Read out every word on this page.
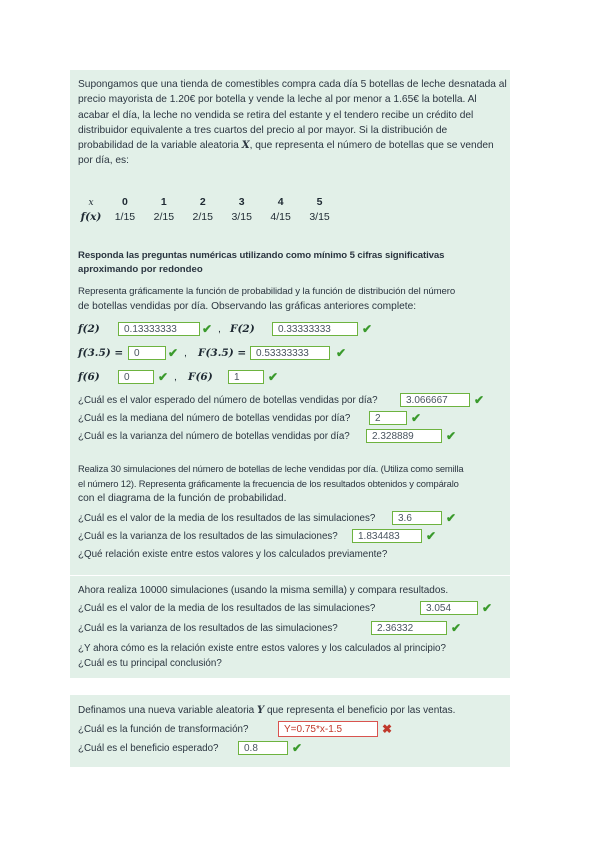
Supongamos que una tienda de comestibles compra cada día 5 botellas de leche desnatada al
precio mayorista de 1.20€ por botella y vende la leche al por menor a 1.65€ la botella. Al
acabar el día, la leche no vendida se retira del estante y el tendero recibe un crédito del
distribuidor equivalente a tres cuartos del precio al por mayor. Si la distribución de
probabilidad de la variable aleatoria X, que representa el número de botellas que se venden
por día, es:
x	0	1	2	3	4	5
f(x) 1/15 2/15 2/15 3/15 4/15 3/15
Responda las preguntas numéricas utilizando como mínimo 5 cifras significativas
aproximando por redondeo
Representa gráficamente la función de probabilidad y la función de distribución del número
de botellas vendidas por día. Observando las gráficas anteriores complete:
f(2)	0.13333333	✔ , F(2)	0.33333333	✔
f(3.5) =	0	✔ , F(3.5) = 0.53333333	✔
f(6)	0	✔ , F(6)	1	✔
¿Cuál es el valor esperado del número de botellas vendidas por día?	3.066667	✔
¿Cuál es la mediana del número de botellas vendidas por día?	2	✔
¿Cuál es la varianza del número de botellas vendidas por día?	2.328889	✔
Realiza 30 simulaciones del número de botellas de leche vendidas por día. (Utiliza como semilla
el número 12). Representa gráficamente la frecuencia de los resultados obtenidos y compáralo
con el diagrama de la función de probabilidad.
¿Cuál es el valor de la media de los resultados de las simulaciones?	3.6	✔
¿Cuál es la varianza de los resultados de las simulaciones?	1.834483	✔
¿Qué relación existe entre estos valores y los calculados previamente?
Ahora realiza 10000 simulaciones (usando la misma semilla) y compara resultados.
¿Cuál es el valor de la media de los resultados de las simulaciones?	3.054	✔
¿Cuál es la varianza de los resultados de las simulaciones?	2.36332	✔
¿Y ahora cómo es la relación existe entre estos valores y los calculados al principio?
¿Cuál es tu principal conclusión?
Definamos una nueva variable aleatoria Y que representa el beneficio por las ventas.
¿Cuál es la función de transformación?	Y=0.75*x-1.5	✖
¿Cuál es el beneficio esperado?	0.8	✔
